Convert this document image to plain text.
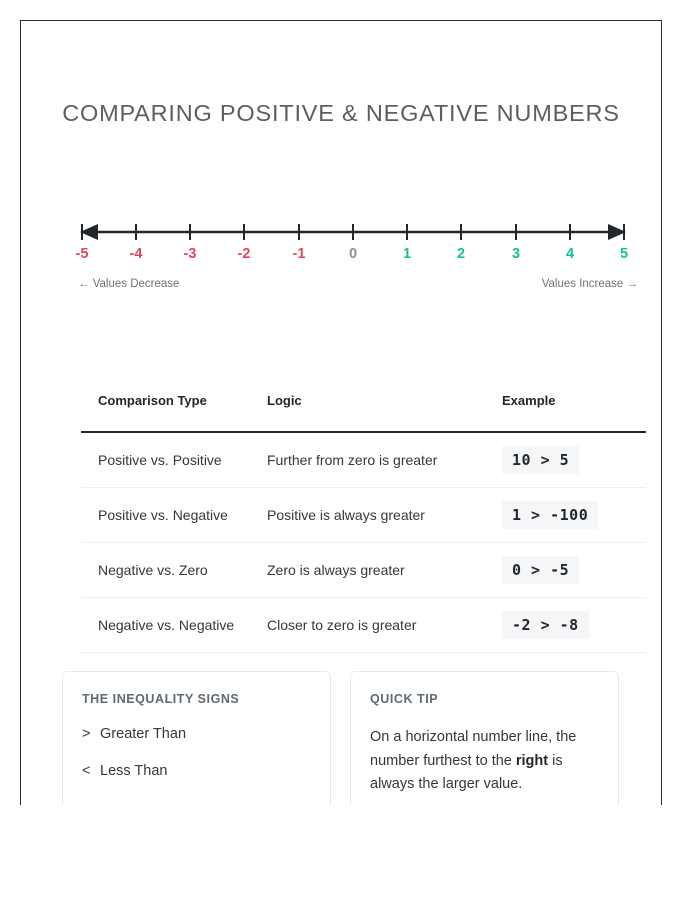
COMPARING POSITIVE & NEGATIVE NUMBERS
-5	-4	-3	-2	-1	0	1	2	3	4	5
← Values Decrease	Values Increase →
Comparison Type	Logic	Example
Positive vs. Positive	Further from zero is greater	10 > 5
Positive vs. Negative	Positive is always greater	1 > -100
Negative vs. Zero	Zero is always greater	0 > -5
Negative vs. Negative	Closer to zero is greater	-2 > -8
THE INEQUALITY SIGNS
> Greater Than
< Less Than
QUICK TIP
On a horizontal number line, the number furthest to the right is always the larger value.
